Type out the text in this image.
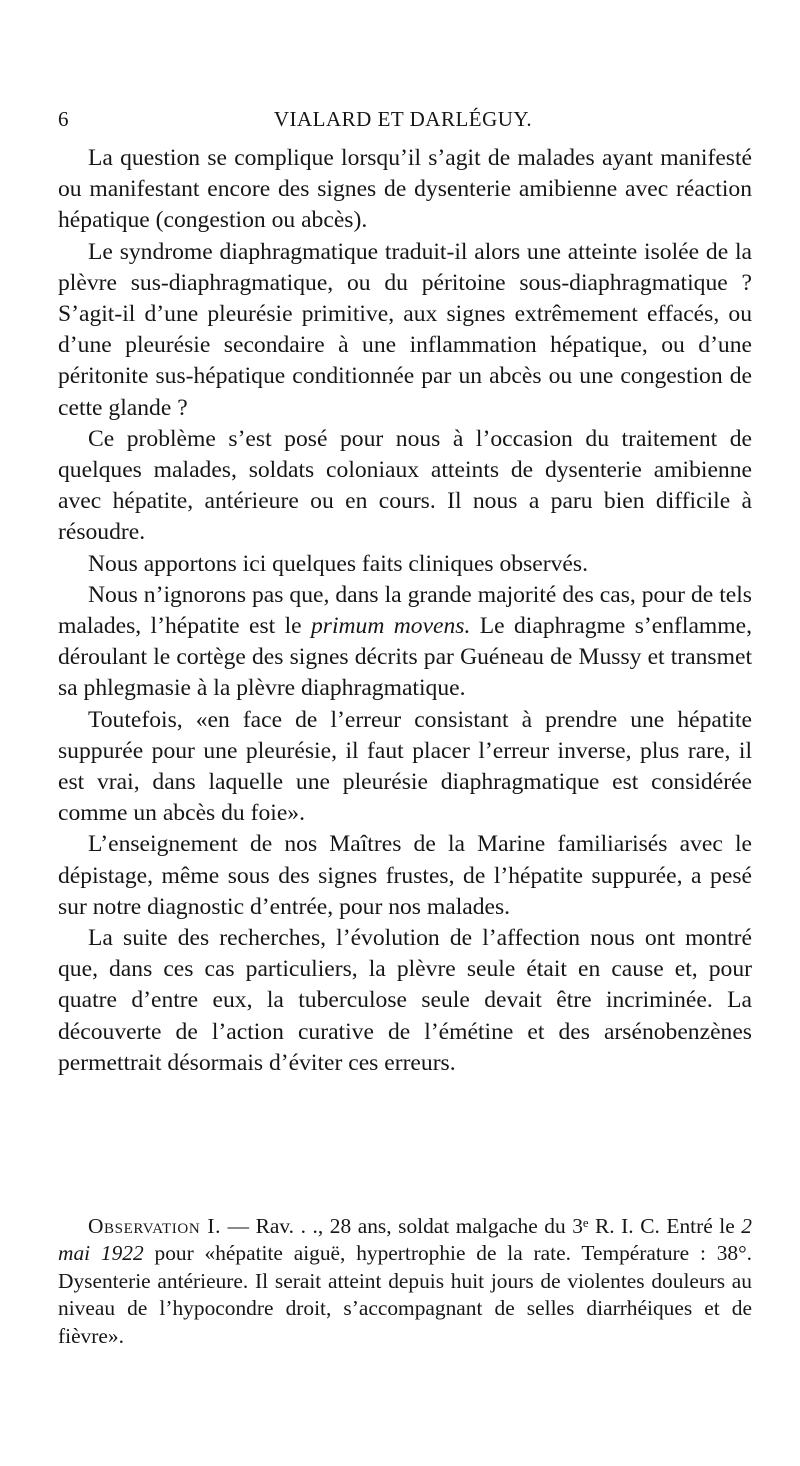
6	VIALARD ET DARLÉGUY.

La question se complique lorsqu’il s’agit de malades ayant manifesté ou manifestant encore des signes de dysenterie amibienne avec réaction hépatique (congestion ou abcès).

Le syndrome diaphragmatique traduit-il alors une atteinte isolée de la plèvre sus-diaphragmatique, ou du péritoine sous-diaphragmatique ? S’agit-il d’une pleurésie primitive, aux signes extrêmement effacés, ou d’une pleurésie secondaire à une inflammation hépatique, ou d’une péritonite sus-hépatique conditionnée par un abcès ou une congestion de cette glande ?

Ce problème s’est posé pour nous à l’occasion du traitement de quelques malades, soldats coloniaux atteints de dysenterie amibienne avec hépatite, antérieure ou en cours. Il nous a paru bien difficile à résoudre.

Nous apportons ici quelques faits cliniques observés.

Nous n’ignorons pas que, dans la grande majorité des cas, pour de tels malades, l’hépatite est le primum movens. Le diaphragme s’enflamme, déroulant le cortège des signes décrits par Guéneau de Mussy et transmet sa phlegmasie à la plèvre diaphragmatique.

Toutefois, «en face de l’erreur consistant à prendre une hépatite suppurée pour une pleurésie, il faut placer l’erreur inverse, plus rare, il est vrai, dans laquelle une pleurésie diaphragmatique est considérée comme un abcès du foie».

L’enseignement de nos Maîtres de la Marine familiarisés avec le dépistage, même sous des signes frustes, de l’hépatite suppurée, a pesé sur notre diagnostic d’entrée, pour nos malades.

La suite des recherches, l’évolution de l’affection nous ont montré que, dans ces cas particuliers, la plèvre seule était en cause et, pour quatre d’entre eux, la tuberculose seule devait être incriminée. La découverte de l’action curative de l’émétine et des arsénobenzènes permettrait désormais d’éviter ces erreurs.

Observation I. — Rav. . ., 28 ans, soldat malgache du 3ᵉ R. I. C. Entré le 2 mai 1922 pour «hépatite aiguë, hypertrophie de la rate. Température : 38°. Dysenterie antérieure. Il serait atteint depuis huit jours de violentes douleurs au niveau de l’hypocondre droit, s’accompagnant de selles diarrhéiques et de fièvre».
